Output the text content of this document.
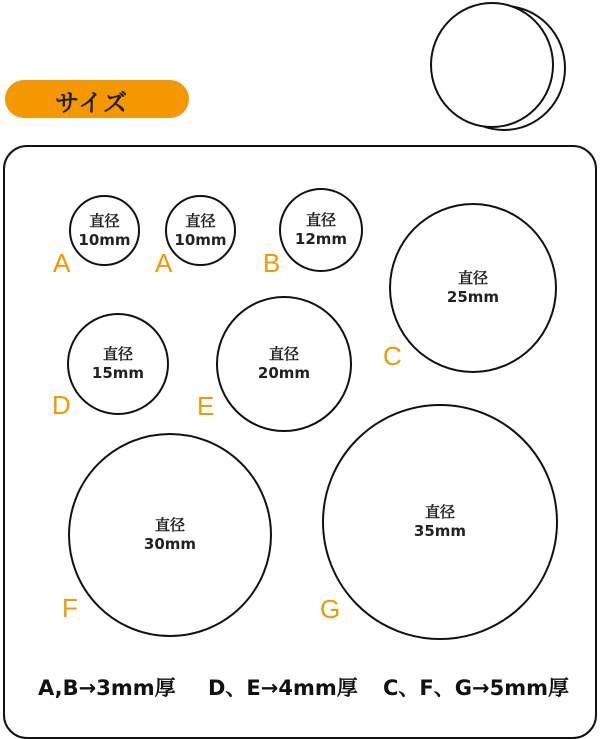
サイズ
直径
10mm
A
直径
10mm
A
直径
12mm
B
直径
25mm
C
直径
15mm
D
直径
20mm
E
直径
30mm
F
直径
35mm
G
A,B→3mm厚 D、E→4mm厚 C、F、G→5mm厚
